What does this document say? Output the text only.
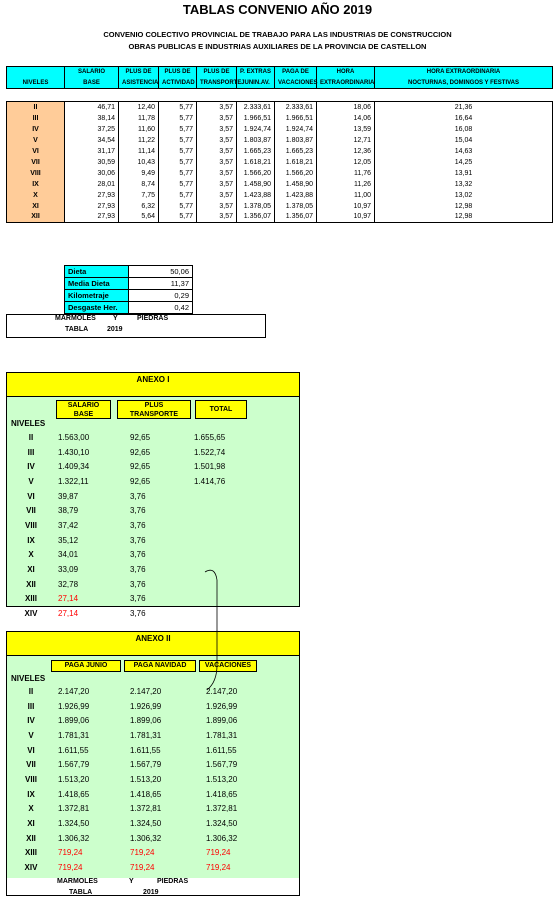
TABLAS CONVENIO AÑO 2019
CONVENIO COLECTIVO PROVINCIAL DE TRABAJO PARA LAS INDUSTRIAS DE CONSTRUCCION
OBRAS PUBLICAS E INDUSTRIAS AUXILIARES DE LA PROVINCIA DE CASTELLON
	SALARIO	PLUS DE	PLUS DE	PLUS DE	P. EXTRAS	PAGA DE	HORA	HORA EXTRAORDINARIA
NIVELES	BASE	ASISTENCIA	ACTIVIDAD	TRANSPORTE	JUNIN.AV.	VACACIONES	EXTRAORDINARIA	NOCTURNAS, DOMINGOS Y FESTIVAS

II	46,71	12,40	5,77	3,57	2.333,61	2.333,61	18,06	21,36
III	38,14	11,78	5,77	3,57	1.966,51	1.966,51	14,06	16,64
IV	37,25	11,60	5,77	3,57	1.924,74	1.924,74	13,59	16,08
V	34,54	11,22	5,77	3,57	1.803,87	1.803,87	12,71	15,04
VI	31,17	11,14	5,77	3,57	1.665,23	1.665,23	12,36	14,63
VII	30,59	10,43	5,77	3,57	1.618,21	1.618,21	12,05	14,25
VIII	30,06	9,49	5,77	3,57	1.566,20	1.566,20	11,76	13,91
IX	28,01	8,74	5,77	3,57	1.458,90	1.458,90	11,26	13,32
X	27,93	7,75	5,77	3,57	1.423,88	1.423,88	11,00	13,02
XI	27,93	6,32	5,77	3,57	1.378,05	1.378,05	10,97	12,98
XII	27,93	5,64	5,77	3,57	1.356,07	1.356,07	10,97	12,98
Dieta	50,06
Media Dieta	11,37
Kilometraje	0,29
Desgaste Her.	0,42
MARMOLES Y	PIEDRAS
TABLA	2019
ANEXO I
SALARIO
BASE
PLUS
TRANSPORTE
TOTAL
NIVELES
II	1.563,00	92,65	1.655,65
III	1.430,10	92,65	1.522,74
IV	1.409,34	92,65	1.501,98
V	1.322,11	92,65	1.414,76
VI	39,87	3,76	
VII	38,79	3,76	
VIII	37,42	3,76	
IX	35,12	3,76	
X	34,01	3,76	
XI	33,09	3,76	
XII	32,78	3,76	
XIII	27,14	3,76	
XIV	27,14	3,76	
ANEXO II
PAGA JUNIO	PAGA NAVIDAD	VACACIONES
NIVELES
II	2.147,20	2.147,20	2.147,20
III	1.926,99	1.926,99	1.926,99
IV	1.899,06	1.899,06	1.899,06
V	1.781,31	1.781,31	1.781,31
VI	1.611,55	1.611,55	1.611,55
VII	1.567,79	1.567,79	1.567,79
VIII	1.513,20	1.513,20	1.513,20
IX	1.418,65	1.418,65	1.418,65
X	1.372,81	1.372,81	1.372,81
XI	1.324,50	1.324,50	1.324,50
XII	1.306,32	1.306,32	1.306,32
XIII	719,24	719,24	719,24
XIV	719,24	719,24	719,24
MARMOLES	Y	PIEDRAS
TABLA	2019
